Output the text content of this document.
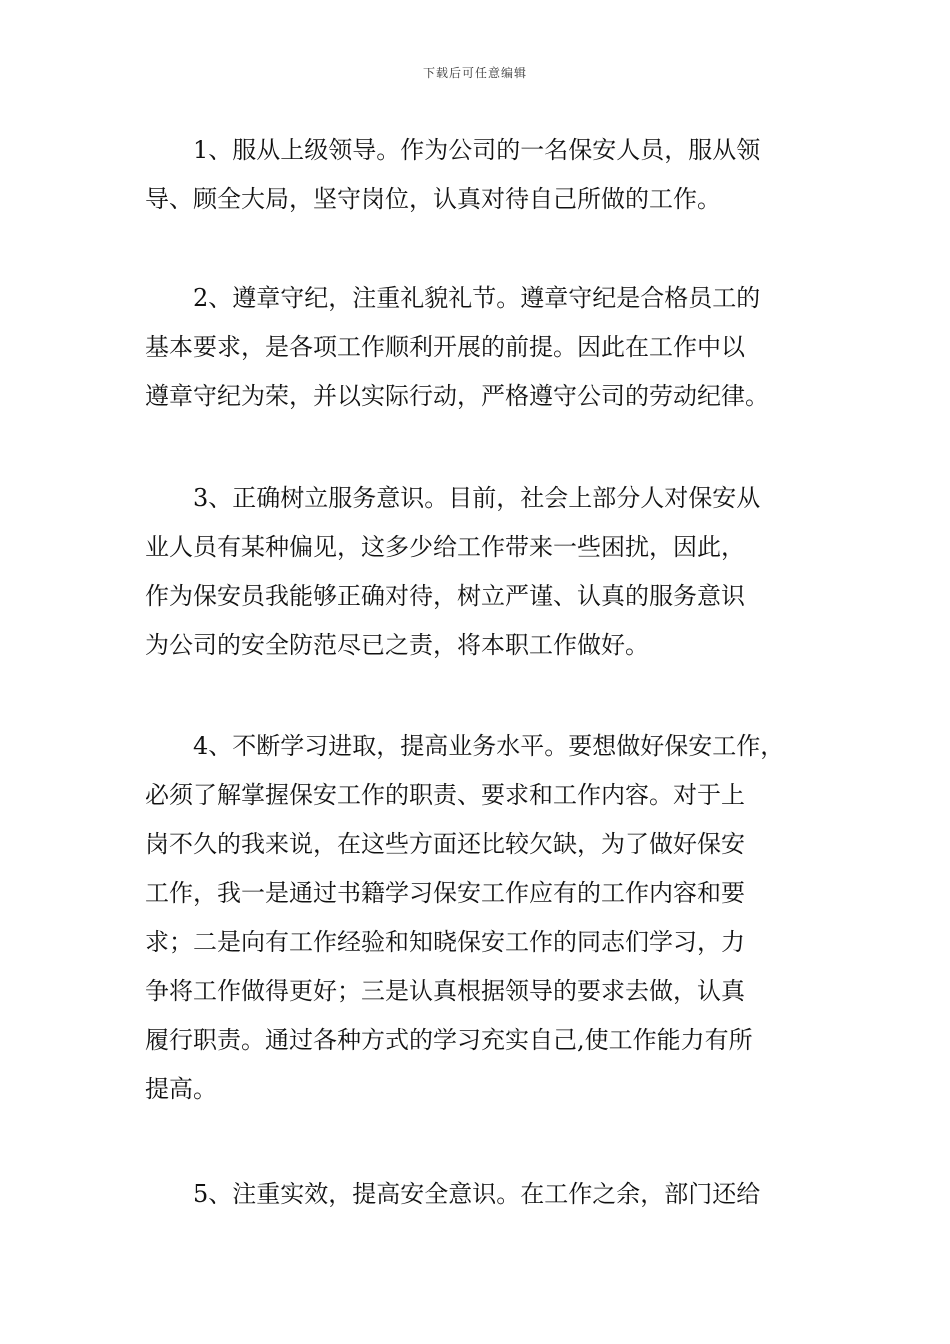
下载后可任意编辑
1、服从上级领导。作为公司的一名保安人员，服从领
导、顾全大局，坚守岗位，认真对待自己所做的工作。
2、遵章守纪，注重礼貌礼节。遵章守纪是合格员工的
基本要求，是各项工作顺利开展的前提。因此在工作中以
遵章守纪为荣，并以实际行动，严格遵守公司的劳动纪律。
3、正确树立服务意识。目前，社会上部分人对保安从
业人员有某种偏见，这多少给工作带来一些困扰，因此，
作为保安员我能够正确对待，树立严谨、认真的服务意识
为公司的安全防范尽已之责，将本职工作做好。
4、不断学习进取，提高业务水平。要想做好保安工作，
必须了解掌握保安工作的职责、要求和工作内容。对于上
岗不久的我来说，在这些方面还比较欠缺，为了做好保安
工作，我一是通过书籍学习保安工作应有的工作内容和要
求；二是向有工作经验和知晓保安工作的同志们学习，力
争将工作做得更好；三是认真根据领导的要求去做，认真
履行职责。通过各种方式的学习充实自己,使工作能力有所
提高。
5、注重实效，提高安全意识。在工作之余，部门还给
